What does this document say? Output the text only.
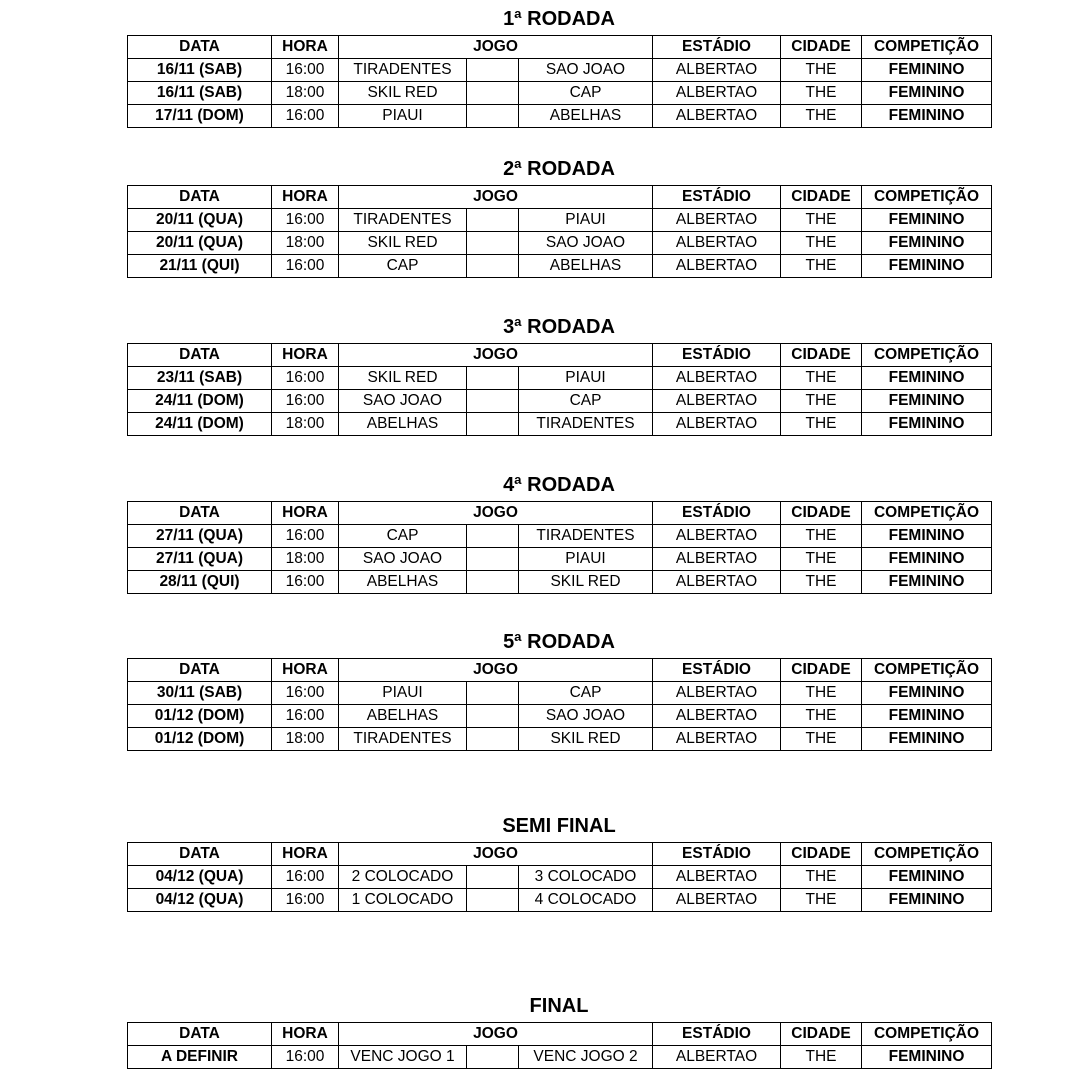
1ª RODADA
DATA	HORA	JOGO			ESTÁDIO	CIDADE	COMPETIÇÃO
16/11 (SAB)	16:00	TIRADENTES		SAO JOAO	ALBERTAO	THE	FEMININO
16/11 (SAB)	18:00	SKIL RED		CAP	ALBERTAO	THE	FEMININO
17/11 (DOM)	16:00	PIAUI		ABELHAS	ALBERTAO	THE	FEMININO
2ª RODADA
DATA	HORA	JOGO			ESTÁDIO	CIDADE	COMPETIÇÃO
20/11 (QUA)	16:00	TIRADENTES		PIAUI	ALBERTAO	THE	FEMININO
20/11 (QUA)	18:00	SKIL RED		SAO JOAO	ALBERTAO	THE	FEMININO
21/11 (QUI)	16:00	CAP		ABELHAS	ALBERTAO	THE	FEMININO
3ª RODADA
DATA	HORA	JOGO			ESTÁDIO	CIDADE	COMPETIÇÃO
23/11 (SAB)	16:00	SKIL RED		PIAUI	ALBERTAO	THE	FEMININO
24/11 (DOM)	16:00	SAO JOAO		CAP	ALBERTAO	THE	FEMININO
24/11 (DOM)	18:00	ABELHAS		TIRADENTES	ALBERTAO	THE	FEMININO
4ª RODADA
DATA	HORA	JOGO			ESTÁDIO	CIDADE	COMPETIÇÃO
27/11 (QUA)	16:00	CAP		TIRADENTES	ALBERTAO	THE	FEMININO
27/11 (QUA)	18:00	SAO JOAO		PIAUI	ALBERTAO	THE	FEMININO
28/11 (QUI)	16:00	ABELHAS		SKIL RED	ALBERTAO	THE	FEMININO
5ª RODADA
DATA	HORA	JOGO			ESTÁDIO	CIDADE	COMPETIÇÃO
30/11 (SAB)	16:00	PIAUI		CAP	ALBERTAO	THE	FEMININO
01/12 (DOM)	16:00	ABELHAS		SAO JOAO	ALBERTAO	THE	FEMININO
01/12 (DOM)	18:00	TIRADENTES		SKIL RED	ALBERTAO	THE	FEMININO
SEMI FINAL
DATA	HORA	JOGO			ESTÁDIO	CIDADE	COMPETIÇÃO
04/12 (QUA)	16:00	2 COLOCADO		3 COLOCADO	ALBERTAO	THE	FEMININO
04/12 (QUA)	16:00	1 COLOCADO		4 COLOCADO	ALBERTAO	THE	FEMININO
FINAL
DATA	HORA	JOGO			ESTÁDIO	CIDADE	COMPETIÇÃO
A DEFINIR	16:00	VENC JOGO 1		VENC JOGO 2	ALBERTAO	THE	FEMININO
